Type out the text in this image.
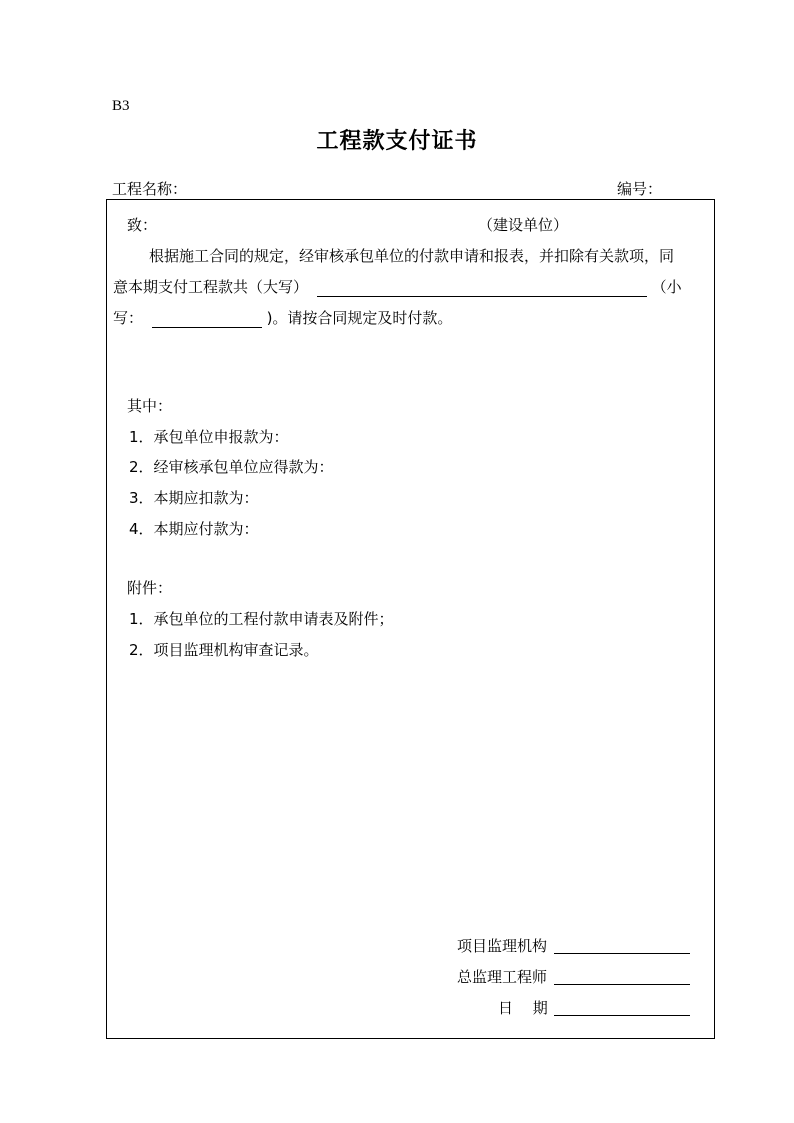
B3
工程款支付证书
工程名称：	编号：
致：	（建设单位）
根据施工合同的规定，经审核承包单位的付款申请和报表，并扣除有关款项，同
意本期支付工程款共（大写）	（小
写：	)。请按合同规定及时付款。
其中：
1．承包单位申报款为：
2．经审核承包单位应得款为：
3．本期应扣款为：
4．本期应付款为：
附件：
1．承包单位的工程付款申请表及附件；
2．项目监理机构审查记录。
项目监理机构
总监理工程师
日　 期
